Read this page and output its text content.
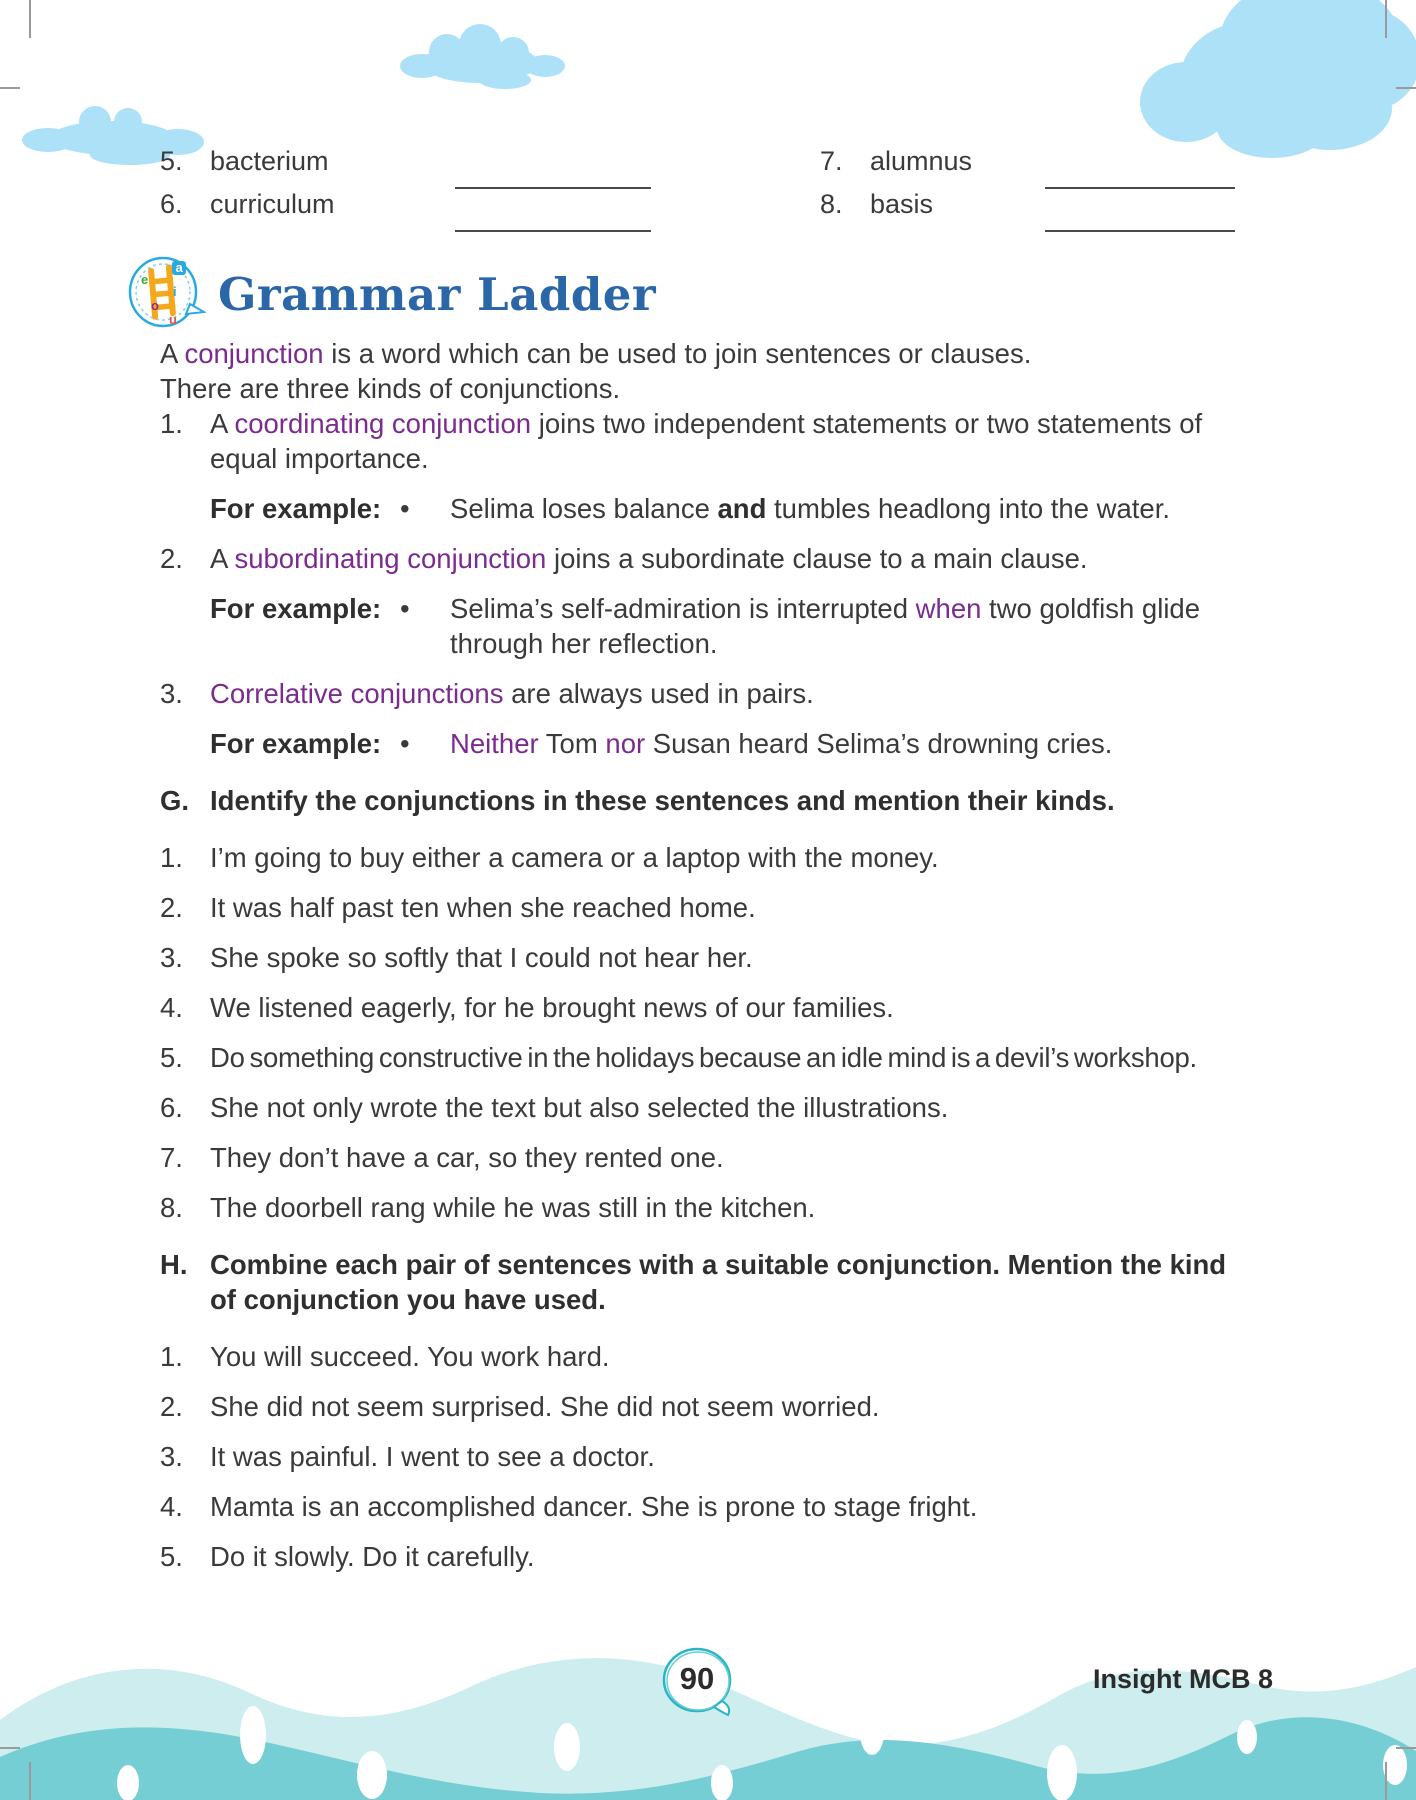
5.	bacterium	7.	alumnus
6.	curriculum	8.	basis
a
e
i
o
u Grammar Ladder

A conjunction is a word which can be used to join sentences or clauses.

There are three kinds of conjunctions.

1. A coordinating conjunction joins two independent statements or two statements of equal importance.

For example: •	Selima loses balance and tumbles headlong into the water.

2. A subordinating conjunction joins a subordinate clause to a main clause.

For example: •	Selima’s self-admiration is interrupted when two goldfish glide through her reflection.

3. Correlative conjunctions are always used in pairs.

For example: •	Neither Tom nor Susan heard Selima’s drowning cries.

G. Identify the conjunctions in these sentences and mention their kinds.

1. I’m going to buy either a camera or a laptop with the money.

2. It was half past ten when she reached home.

3. She spoke so softly that I could not hear her.

4. We listened eagerly, for he brought news of our families.

5. Do something constructive in the holidays because an idle mind is a devil’s workshop.

6. She not only wrote the text but also selected the illustrations.

7. They don’t have a car, so they rented one.

8. The doorbell rang while he was still in the kitchen.

H. Combine each pair of sentences with a suitable conjunction. Mention the kind of conjunction you have used.

1. You will succeed. You work hard.

2. She did not seem surprised. She did not seem worried.

3. It was painful. I went to see a doctor.

4. Mamta is an accomplished dancer. She is prone to stage fright.

5. Do it slowly. Do it carefully.

90	Insight MCB 8
